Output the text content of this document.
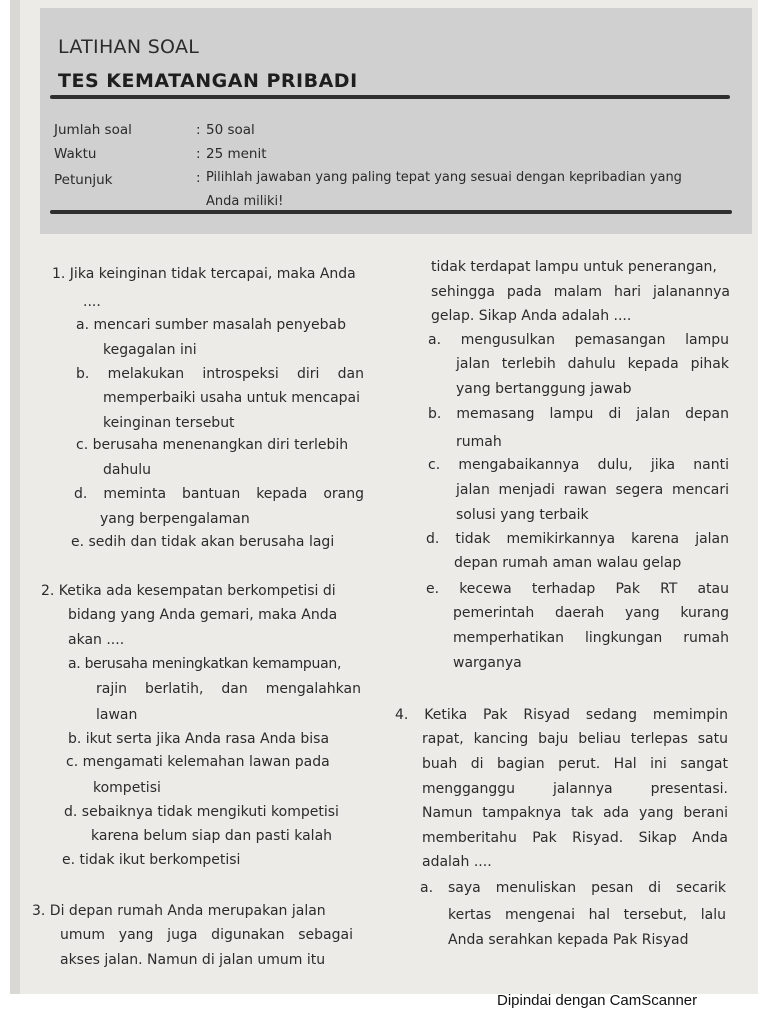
LATIHAN SOAL
TES KEMATANGAN PRIBADI
Jumlah soal	: 50 soal
Waktu	: 25 menit
Petunjuk	: Pilihlah jawaban yang paling tepat yang sesuai dengan kepribadian yang
Anda miliki!
1. Jika keinginan tidak tercapai, maka Anda
....
a. mencari sumber masalah penyebab
kegagalan ini
b. melakukan introspeksi diri dan
memperbaiki usaha untuk mencapai
keinginan tersebut
c. berusaha menenangkan diri terlebih
dahulu
d. meminta bantuan kepada orang
yang berpengalaman
e. sedih dan tidak akan berusaha lagi
2. Ketika ada kesempatan berkompetisi di
bidang yang Anda gemari, maka Anda
akan ....
a. berusaha meningkatkan kemampuan,
rajin berlatih, dan mengalahkan
lawan
b. ikut serta jika Anda rasa Anda bisa
c. mengamati kelemahan lawan pada
kompetisi
d. sebaiknya tidak mengikuti kompetisi
karena belum siap dan pasti kalah
e. tidak ikut berkompetisi
3. Di depan rumah Anda merupakan jalan
umum yang juga digunakan sebagai
akses jalan. Namun di jalan umum itu
tidak terdapat lampu untuk penerangan,
sehingga pada malam hari jalanannya
gelap. Sikap Anda adalah ....
a. mengusulkan pemasangan lampu
jalan terlebih dahulu kepada pihak
yang bertanggung jawab
b. memasang lampu di jalan depan
rumah
c. mengabaikannya dulu, jika nanti
jalan menjadi rawan segera mencari
solusi yang terbaik
d. tidak memikirkannya karena jalan
depan rumah aman walau gelap
e. kecewa terhadap Pak RT atau
pemerintah daerah yang kurang
memperhatikan lingkungan rumah
warganya
4. Ketika Pak Risyad sedang memimpin
rapat, kancing baju beliau terlepas satu
buah di bagian perut. Hal ini sangat
mengganggu jalannya presentasi.
Namun tampaknya tak ada yang berani
memberitahu Pak Risyad. Sikap Anda
adalah ....
a. saya menuliskan pesan di secarik
kertas mengenai hal tersebut, lalu
Anda serahkan kepada Pak Risyad
Dipindai dengan CamScanner
